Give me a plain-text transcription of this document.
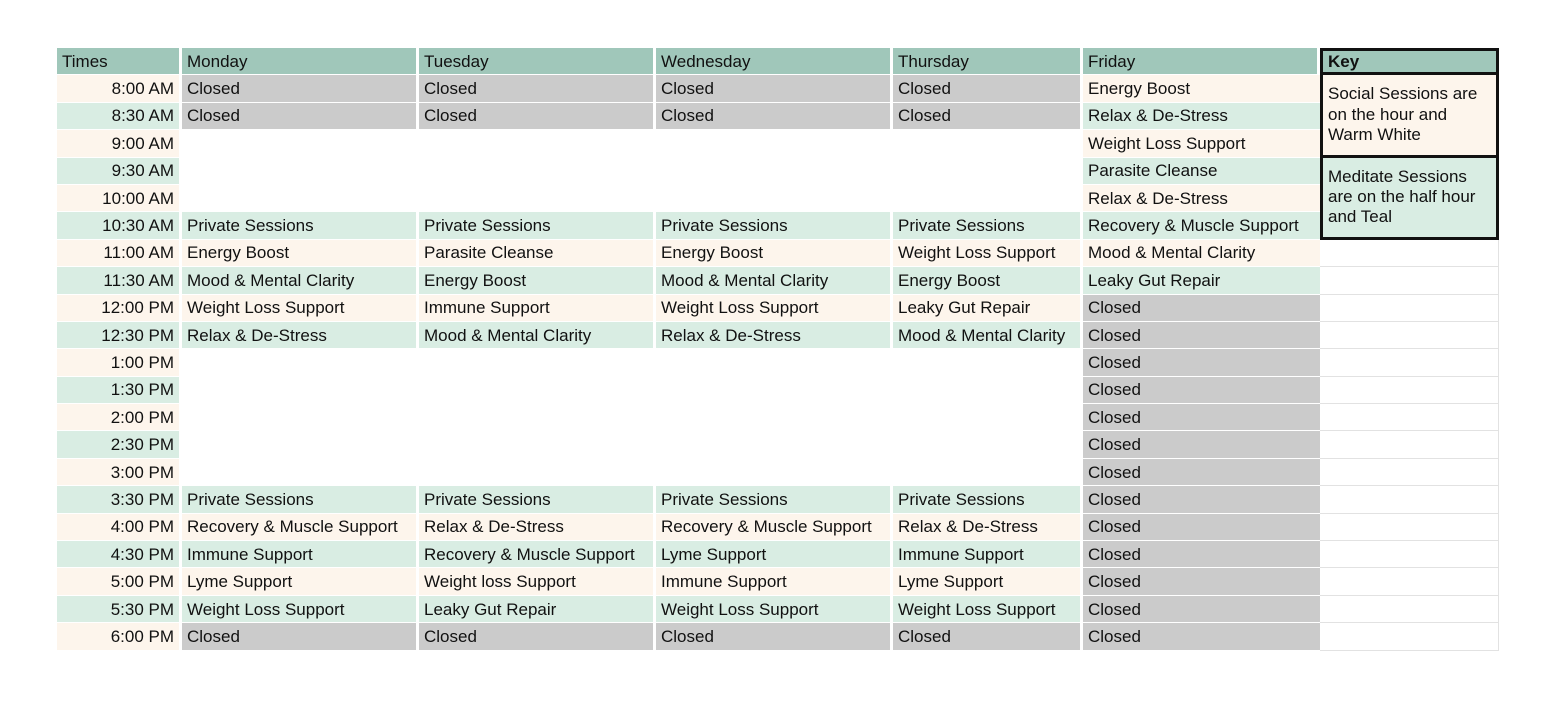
Times	Monday	Tuesday	Wednesday	Thursday	Friday	Key
8:00 AM	Closed	Closed	Closed	Closed	Energy Boost	Social Sessions are on the hour and Warm White
8:30 AM	Closed	Closed	Closed	Closed	Relax & De-Stress	
9:00 AM					Weight Loss Support	
9:30 AM					Parasite Cleanse	Meditate Sessions are on the half hour and Teal
10:00 AM					Relax & De-Stress	
10:30 AM	Private Sessions	Private Sessions	Private Sessions	Private Sessions	Recovery & Muscle Support	
11:00 AM	Energy Boost	Parasite Cleanse	Energy Boost	Weight Loss Support	Mood & Mental Clarity	
11:30 AM	Mood & Mental Clarity	Energy Boost	Mood & Mental Clarity	Energy Boost	Leaky Gut Repair	
12:00 PM	Weight Loss Support	Immune Support	Weight Loss Support	Leaky Gut Repair	Closed	
12:30 PM	Relax & De-Stress	Mood & Mental Clarity	Relax & De-Stress	Mood & Mental Clarity	Closed	
1:00 PM					Closed	
1:30 PM					Closed	
2:00 PM					Closed	
2:30 PM					Closed	
3:00 PM					Closed	
3:30 PM	Private Sessions	Private Sessions	Private Sessions	Private Sessions	Closed	
4:00 PM	Recovery & Muscle Support	Relax & De-Stress	Recovery & Muscle Support	Relax & De-Stress	Closed	
4:30 PM	Immune Support	Recovery & Muscle Support	Lyme Support	Immune Support	Closed	
5:00 PM	Lyme Support	Weight loss Support	Immune Support	Lyme Support	Closed	
5:30 PM	Weight Loss Support	Leaky Gut Repair	Weight Loss Support	Weight Loss Support	Closed	
6:00 PM	Closed	Closed	Closed	Closed	Closed	
